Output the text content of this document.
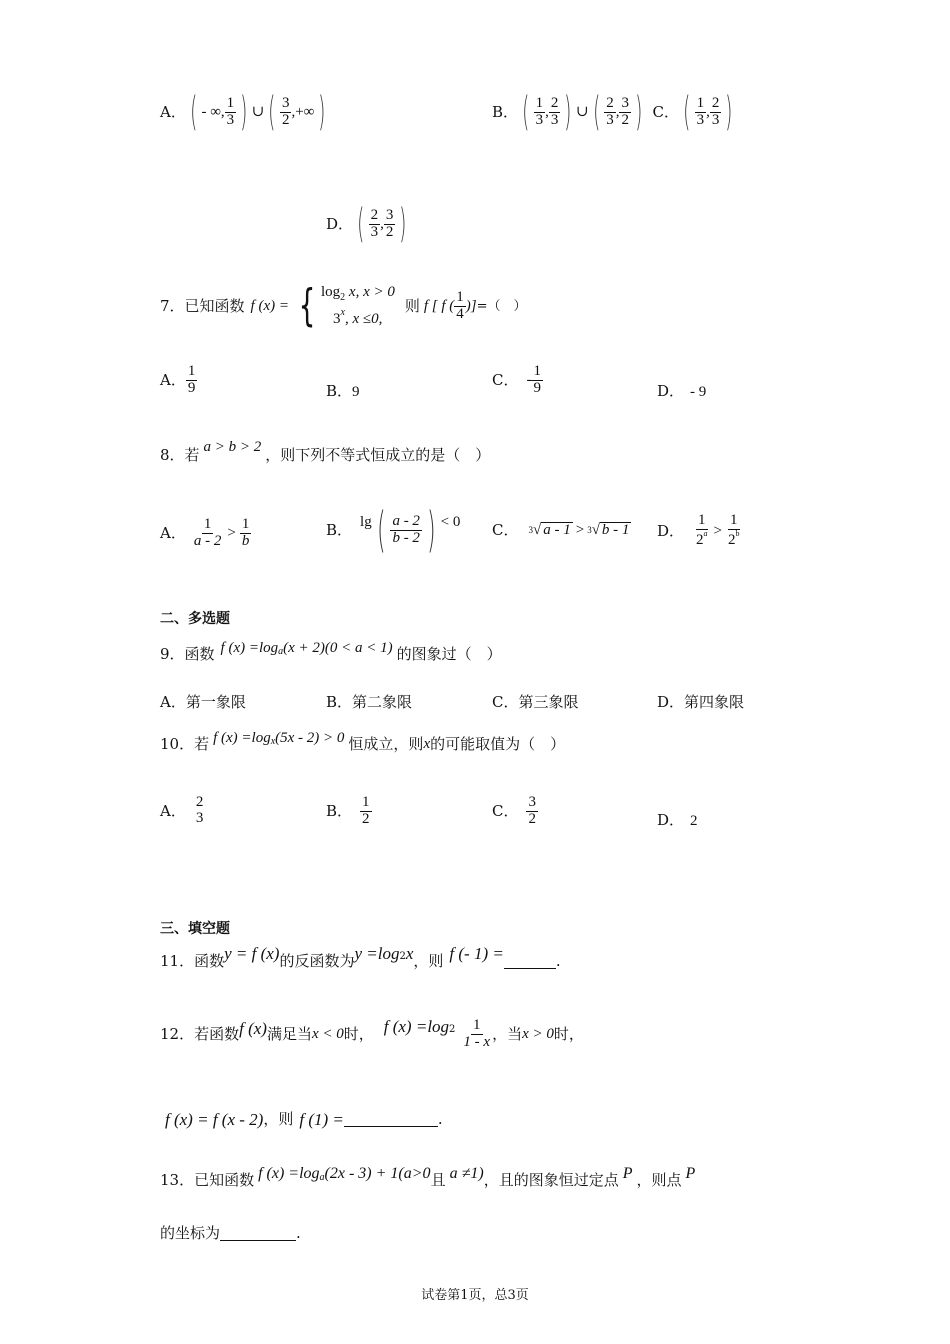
A． ( - ∞, $\frac{1}{3}$ ) ∪ ( $\frac{3}{2}$ ,+∞ )	B． ( $\frac{1}{3}$ , $\frac{2}{3}$ ) ∪ ( $\frac{2}{3}$ , $\frac{3}{2}$ ) C． ( $\frac{1}{3}$ , $\frac{2}{3}$ )
D． ( $\frac{2}{3}$ , $\frac{3}{2}$ )
7．已知函数 f (x) = { $\log_2 x$, x > 0
3$^x$, x ≤0,
则 f [ f ( $\frac{1}{4}$ )] =（　）
A． $\frac{1}{9}$	B．9
C． - $\frac{1}{9}$	D． - 9
8．若 a > b > 2 ，则下列不等式恒成立的是（　）
A． $\frac{1}{a - 2} > \frac{1}{b}$	B． lg ( $\frac{a - 2}{b - 2}$ ) < 0 C． 3 √ a - 1 > 3 √ b - 1 D． $\frac{1}{2^a} > \frac{1}{2^b}$
二、多选题
9．函数 f (x) =log a (x + 2)(0 < a < 1) 的图象过（　）
A．第一象限	B．第二象限	C．第三象限	D．第四象限
10．若 f (x) =log x (5x - 2) > 0 恒成立，则 x 的可能取值为（　）
A． 2
3	B． $\frac{1}{2}$	C． $\frac{3}{2}$	D． 2
三、填空题
11．函数 y = f (x) 的反函数为 y =log 2 x ，则 f (- 1) =	.
12．若函数 f (x) 满足当 x < 0 时， f (x) =log $2 \frac{1}{1 - x}$ ，当 x > 0 时，
f (x) = f (x - 2) ，则 f (1) =	.
13．已知函数 f (x) =log a (2x - 3) + 1(a>0 且 a ≠1) ，且的图象恒过定点 P ，则点 P
的坐标为	.
试卷第1页，总3页
